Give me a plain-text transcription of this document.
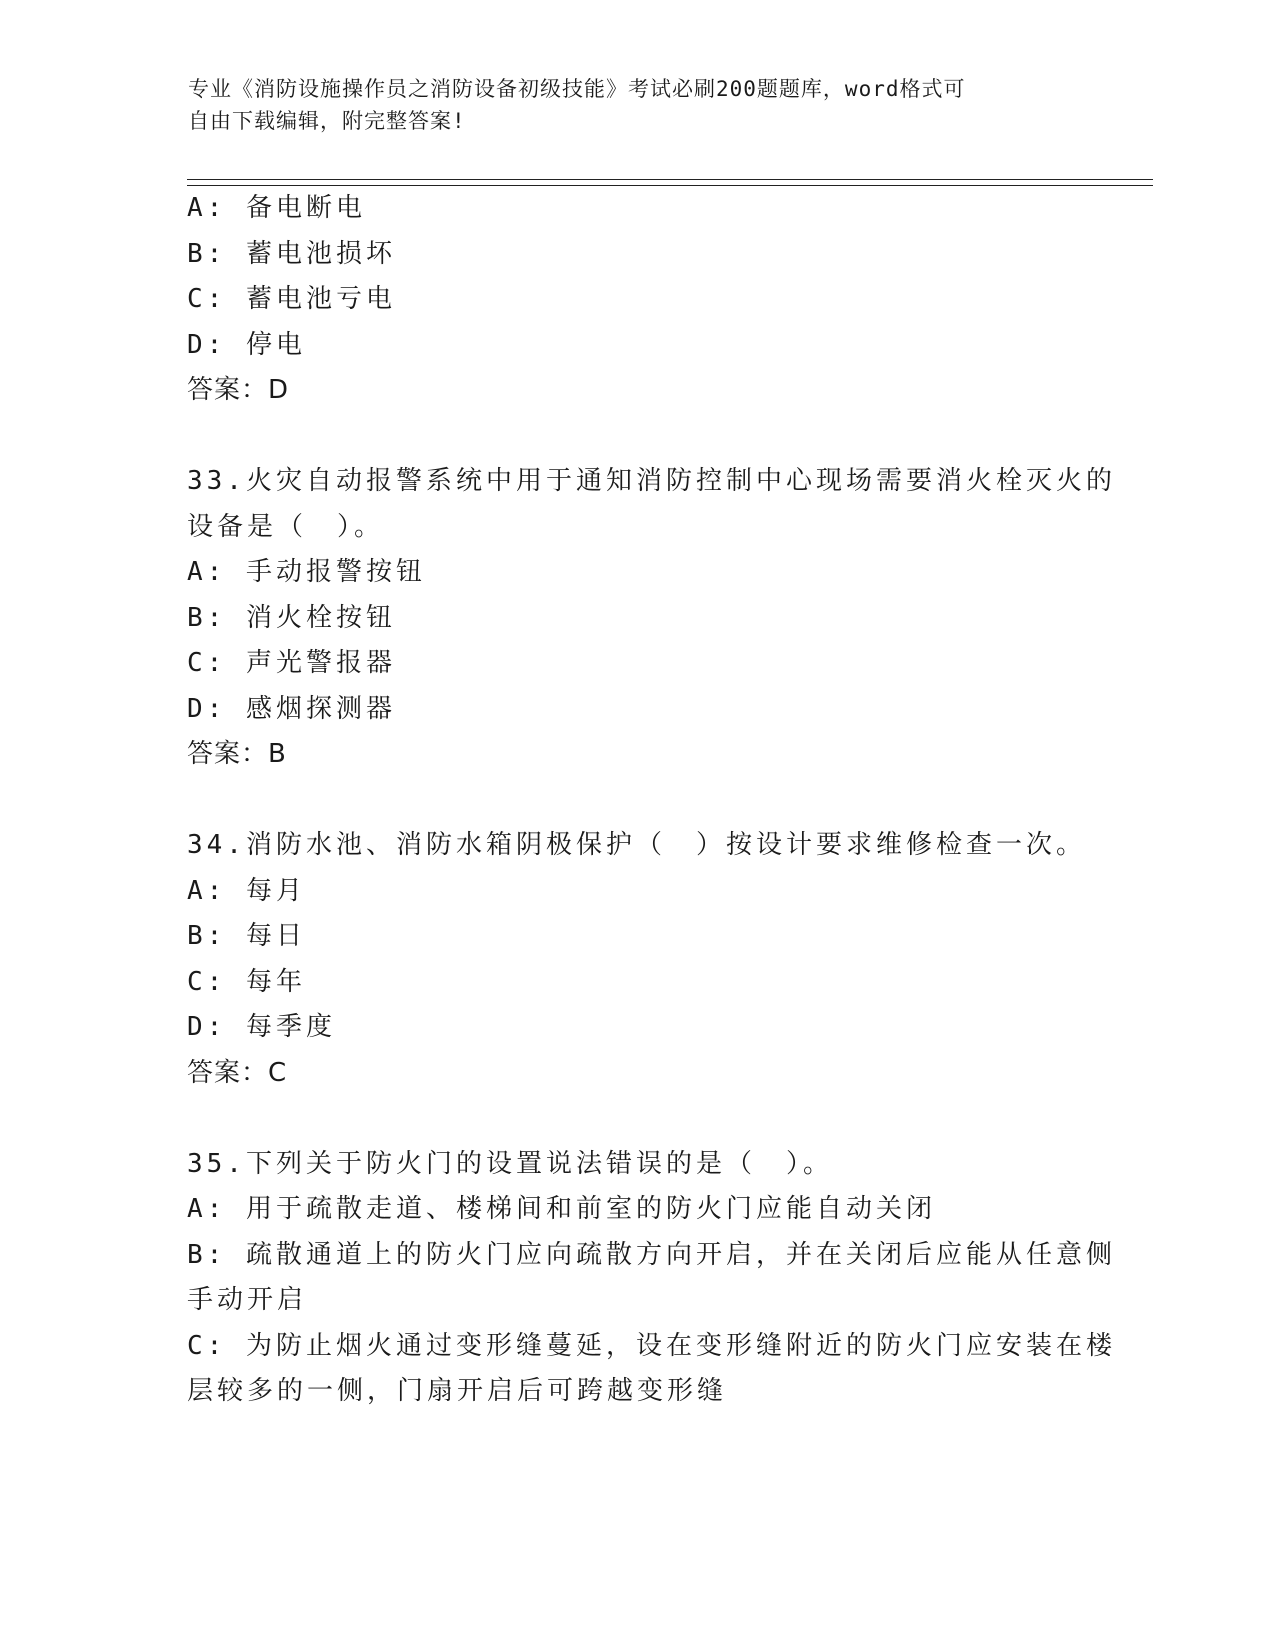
专业《消防设施操作员之消防设备初级技能》考试必刷200题题库，word格式可
自由下载编辑，附完整答案!
A: 备电断电
B: 蓄电池损坏
C: 蓄电池亏电
D: 停电
答案：D
33.火灾自动报警系统中用于通知消防控制中心现场需要消火栓灭火的
设备是（　）。
A: 手动报警按钮
B: 消火栓按钮
C: 声光警报器
D: 感烟探测器
答案：B
34.消防水池、消防水箱阴极保护（　）按设计要求维修检查一次。
A: 每月
B: 每日
C: 每年
D: 每季度
答案：C
35.下列关于防火门的设置说法错误的是（　）。
A: 用于疏散走道、楼梯间和前室的防火门应能自动关闭
B: 疏散通道上的防火门应向疏散方向开启，并在关闭后应能从任意侧
手动开启
C: 为防止烟火通过变形缝蔓延，设在变形缝附近的防火门应安装在楼
层较多的一侧，门扇开启后可跨越变形缝
